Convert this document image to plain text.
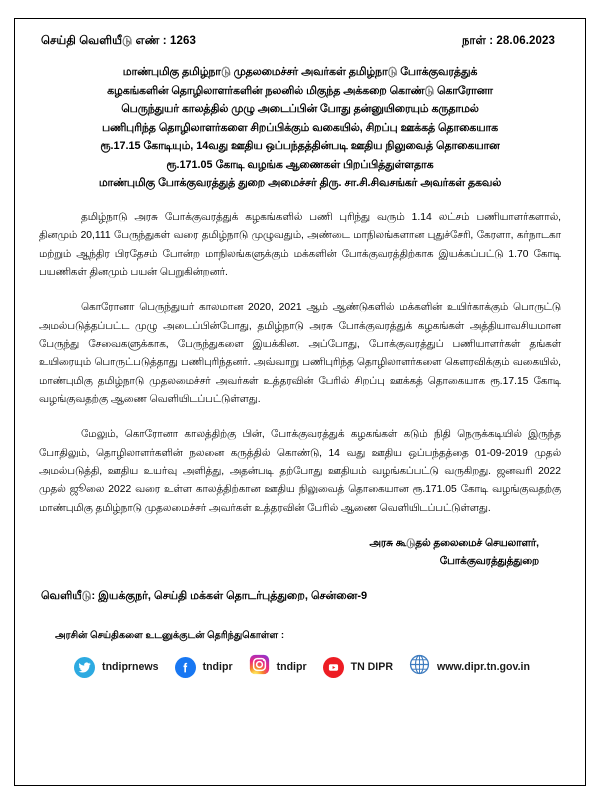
செய்தி வெளியீடு எண் : 1263	நாள் : 28.06.2023
மாண்புமிகு தமிழ்நாடு முதலமைச்சர் அவர்கள் தமிழ்நாடு போக்குவரத்துக்
கழகங்களின் தொழிலாளர்களின் நலனில் மிகுந்த அக்கறை கொண்டு கொரோனா
பெருந்துயர் காலத்தில் முழு அடைப்பின் போது தன்னுயிரையும் கருதாமல்
பணிபுரிந்த தொழிலாளர்களை சிறப்பிக்கும் வகையில், சிறப்பு ஊக்கத் தொகையாக
ரூ.17.15 கோடியும், 14வது ஊதிய ஒப்பந்தத்தின்படி ஊதிய நிலுவைத் தொகையான
ரூ.171.05 கோடி வழங்க ஆணைகள் பிறப்பித்துள்ளதாக
மாண்புமிகு போக்குவரத்துத் துறை அமைச்சர் திரு. சா.சி.சிவசங்கர் அவர்கள் தகவல்

தமிழ்நாடு அரசு போக்குவரத்துக் கழகங்களில் பணி புரிந்து வரும் 1.14 லட்சம் பணியாளர்களால், தினமும் 20,111 பேருந்துகள் வரை தமிழ்நாடு முழுவதும், அண்டை மாநிலங்களான புதுச்சேரி, கேரளா, கர்நாடகா மற்றும் ஆந்திர பிரதேசம் போன்ற மாநிலங்களுக்கும் மக்களின் போக்குவரத்திற்காக இயக்கப்பட்டு 1.70 கோடி பயணிகள் தினமும் பயன் பெறுகின்றனர்.

கொரோனா பெருந்துயர் காலமான 2020, 2021 ஆம் ஆண்டுகளில் மக்களின் உயிர்காக்கும் பொருட்டு அமல்படுத்தப்பட்ட முழு அடைப்பின்போது, தமிழ்நாடு அரசு போக்குவரத்துக் கழகங்கள் அத்தியாவசியமான பேருந்து சேவைகளுக்காக, பேருந்துகளை இயக்கின. அப்போது, போக்குவரத்துப் பணியாளர்கள் தங்கள் உயிரையும் பொருட்படுத்தாது பணிபுரிந்தனர். அவ்வாறு பணிபுரிந்த தொழிலாளர்களை கௌரவிக்கும் வகையில், மாண்புமிகு தமிழ்நாடு முதலமைச்சர் அவர்கள் உத்தரவின் பேரில் சிறப்பு ஊக்கத் தொகையாக ரூ.17.15 கோடி வழங்குவதற்கு ஆணை வெளியிடப்பட்டுள்ளது.

மேலும், கொரோனா காலத்திற்கு பின், போக்குவரத்துக் கழகங்கள் கடும் நிதி நெருக்கடியில் இருந்த போதிலும், தொழிலாளர்களின் நலனை கருத்தில் கொண்டு, 14 வது ஊதிய ஒப்பந்தத்தை 01-09-2019 முதல் அமல்படுத்தி, ஊதிய உயர்வு அளித்து, அதன்படி தற்போது ஊதியம் வழங்கப்பட்டு வருகிறது. ஜனவரி 2022 முதல் ஜூலை 2022 வரை உள்ள காலத்திற்கான ஊதிய நிலுவைத் தொகையான ரூ.171.05 கோடி வழங்குவதற்கு மாண்புமிகு தமிழ்நாடு முதலமைச்சர் அவர்கள் உத்தரவின் பேரில் ஆணை வெளியிடப்பட்டுள்ளது.

அரசு கூடுதல் தலைமைச் செயலாளர்,
போக்குவரத்துத்துறை
வெளியீடு: இயக்குநர், செய்தி மக்கள் தொடர்புத்துறை, சென்னை-9
அரசின் செய்திகளை உடனுக்குடன் தெரிந்துகொள்ள :
tndiprnews	tndipr	tndipr	TN DIPR	www.dipr.tn.gov.in
